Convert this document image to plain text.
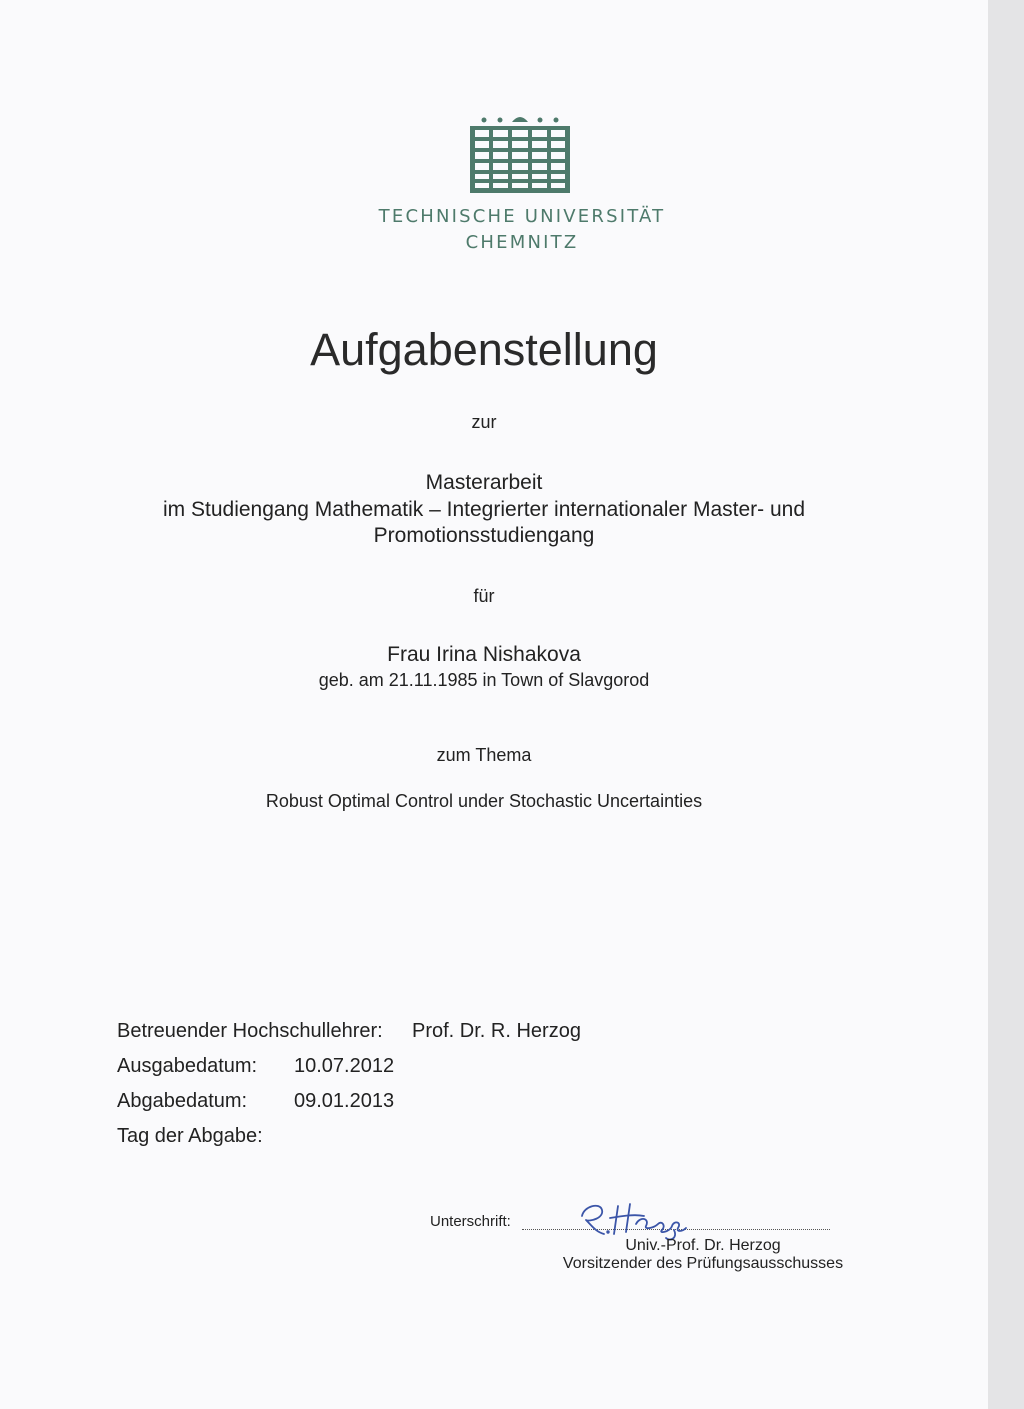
TECHNISCHE UNIVERSITÄT
CHEMNITZ
Aufgabenstellung
zur
Masterarbeit
im Studiengang Mathematik – Integrierter internationaler Master- und
Promotionsstudiengang
für
Frau Irina Nishakova
geb. am 21.11.1985 in Town of Slavgorod
zum Thema
Robust Optimal Control under Stochastic Uncertainties
Betreuender Hochschullehrer: Prof. Dr. R. Herzog
Ausgabedatum: 10.07.2012
Abgabedatum: 09.01.2013
Tag der Abgabe:
Unterschrift:
Univ.-Prof. Dr. Herzog
Vorsitzender des Prüfungsausschusses
